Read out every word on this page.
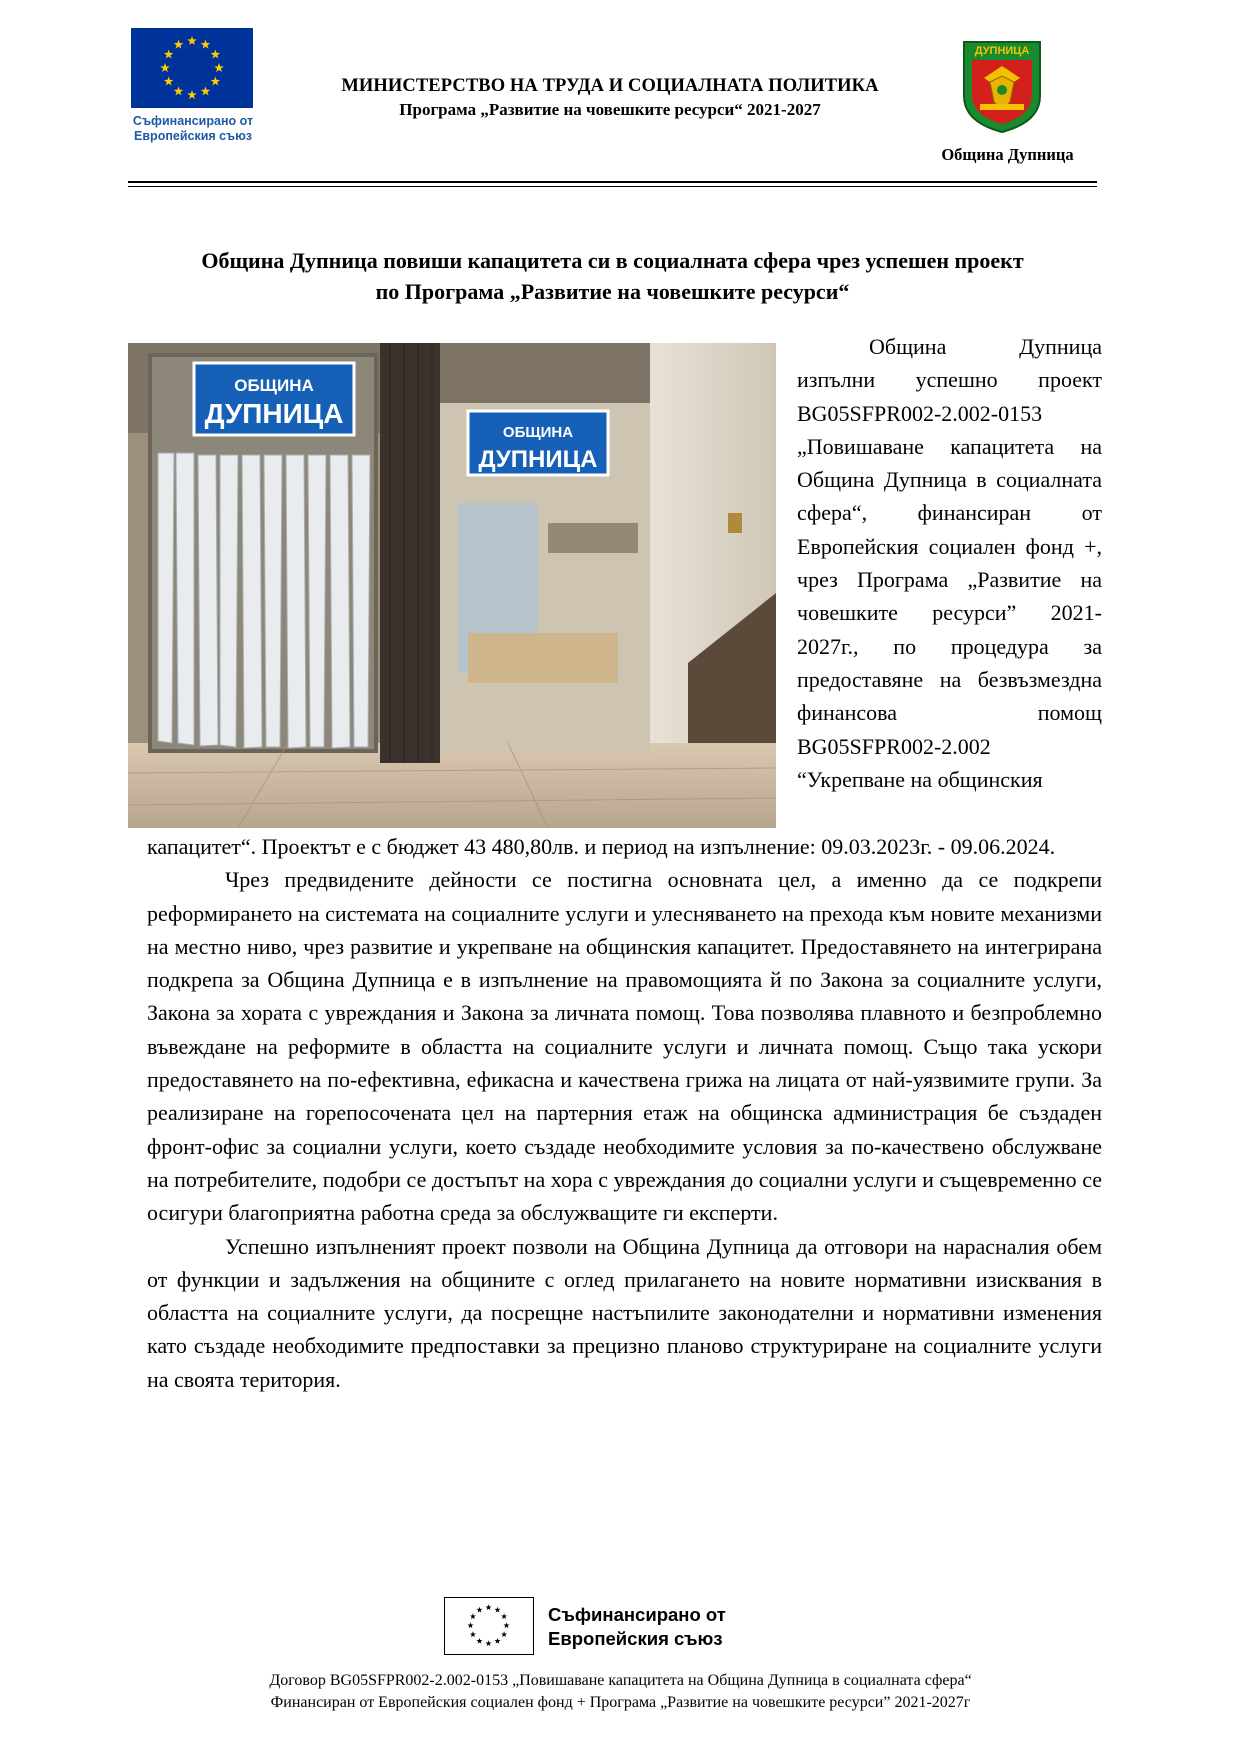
Съфинансирано от
Европейския съюз
МИНИСТЕРСТВО НА ТРУДА И СОЦИАЛНАТА ПОЛИТИКА
Програма „Развитие на човешките ресурси“ 2021-2027
ДУПНИЦА
Община Дупница
Община Дупница повиши капацитета си в социалната сфера чрез успешен проект
по Програма „Развитие на човешките ресурси“
ОБЩИНА
ДУПНИЦА
ОБЩИНА
ДУПНИЦА

Община Дупница изпълни успешно проект BG05SFPR002-2.002-0153 „Повишаване капацитета на Община Дупница в социалната сфера“, финансиран от Европейския социален фонд +, чрез Програма „Развитие на човешките ресурси” 2021-2027г., по процедура за предоставяне на безвъзмездна финансова помощ BG05SFPR002-2.002 “Укрепване на общинския

капацитет“. Проектът е с бюджет 43 480,80лв. и период на изпълнение: 09.03.2023г. - 09.06.2024.

Чрез предвидените дейности се постигна основната цел, а именно да се подкрепи реформирането на системата на социалните услуги и улесняването на прехода към новите механизми на местно ниво, чрез развитие и укрепване на общинския капацитет. Предоставянето на интегрирана подкрепа за Община Дупница е в изпълнение на правомощията й по Закона за социалните услуги, Закона за хората с увреждания и Закона за личната помощ. Това позволява плавното и безпроблемно въвеждане на реформите в областта на социалните услуги и личната помощ. Също така ускори предоставянето на по-ефективна, ефикасна и качествена грижа на лицата от най-уязвимите групи. За реализиране на горепосочената цел на партерния етаж на общинска администрация бе създаден фронт-офис за социални услуги, което създаде необходимите условия за по-качествено обслужване на потребителите, подобри се достъпът на хора с увреждания до социални услуги и същевременно се осигури благоприятна работна среда за обслужващите ги експерти.

Успешно изпълненият проект позволи на Община Дупница да отговори на нарасналия обем от функции и задължения на общините с оглед прилагането на новите нормативни изисквания в областта на социалните услуги, да посрещне настъпилите законодателни и нормативни изменения като създаде необходимите предпоставки за прецизно планово структуриране на социалните услуги на своята територия.

Съфинансирано от
Европейския съюз
Договор BG05SFPR002-2.002-0153 „Повишаване капацитета на Община Дупница в социалната сфера“
Финансиран от Европейския социален фонд + Програма „Развитие на човешките ресурси” 2021-2027г
